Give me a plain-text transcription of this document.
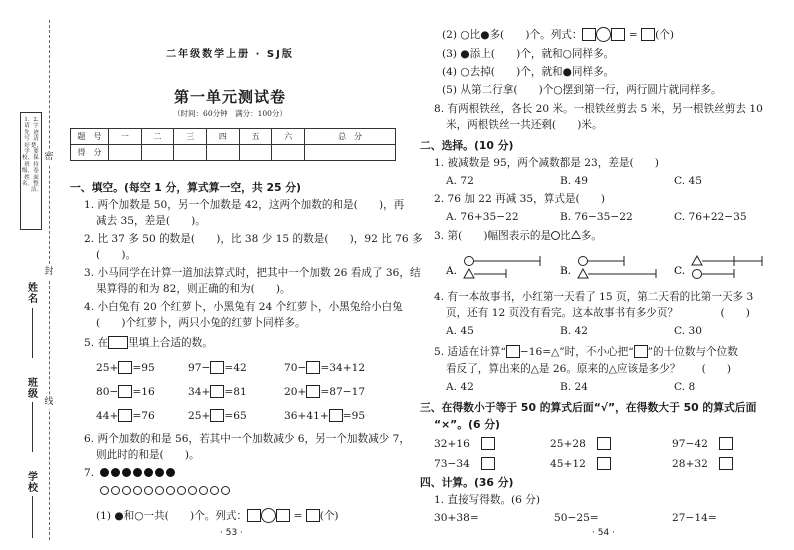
1.请先写好学校、班级、姓名。
2.字迹清楚，要保持卷面整洁。
密
封
线
姓名
班级
学校
二年级数学上册 · SJ版
第一单元测试卷
（时间：60分钟　满分：100分）
题　号	一	二	三	四	五	六	总　分
得　分							
一、填空。(每空 1 分，算式算一空，共 25 分)
1. 两个加数是 50，另一个加数是 42，这两个加数的和是(　　)，再
减去 35，差是(　　)。
2. 比 37 多 50 的数是(　　)，比 38 少 15 的数是(　　)，92 比 76 多
(　　)。
3. 小马同学在计算一道加法算式时，把其中一个加数 26 看成了 36，结
果算得的和为 82，则正确的和为(　　)。
4. 小白兔有 20 个红萝卜，小黑兔有 24 个红萝卜，小黑兔给小白兔
(　　)个红萝卜，两只小兔的红萝卜同样多。
5. 在 里填上合适的数。
25+ =95	97− =42	70− =34+12
80− =16	34+ =81	20+ =87−17
44+ =76	25+ =65	36+41+ =95
6. 两个加数的和是 56，若其中一个加数减少 6，另一个加数减少 7，
则此时的和是(　　)。
7.
(1) ●和○一共(　　)个。列式：	= (个)
· 53 ·
(2) ○比●多(　　)个。列式：	= (个)
(3) ●添上(　　)个，就和○同样多。
(4) ○去掉(　　)个，就和●同样多。
(5) 从第二行拿(　　)个○摆到第一行，两行圆片就同样多。
8. 有两根铁丝，各长 20 米。一根铁丝剪去 5 米，另一根铁丝剪去 10
米，两根铁丝一共还剩(　　)米。
二、选择。(10 分)
1. 被减数是 95，两个减数都是 23，差是(　　)
A. 72	B. 49	C. 45
2. 76 加 22 再减 35，算式是(　　)
A. 76+35−22	B. 76−35−22	C. 76+22−35
3. 第(　　)幅图表示的是 比 多。
A.	B.	C.
4. 有一本故事书，小红第一天看了 15 页，第二天看的比第一天多 3
页，还有 12 页没有看完。这本故事书有多少页？　　　　(　　)
A. 45	B. 42	C. 30
5. 适适在计算“ −16=△”时，不小心把“ ”的十位数与个位数
看反了，算出来的△是 26。原来的△应该是多少？　　(　　)
A. 42	B. 24	C. 8
三、在得数小于等于 50 的算式后面“√”，在得数大于 50 的算式后面
“×”。(6 分)
32+16	25+28	97−42
73−34	45+12	28+32
四、计算。(36 分)
1. 直接写得数。(6 分)
30+38=	50−25=	27−14=
· 54 ·
